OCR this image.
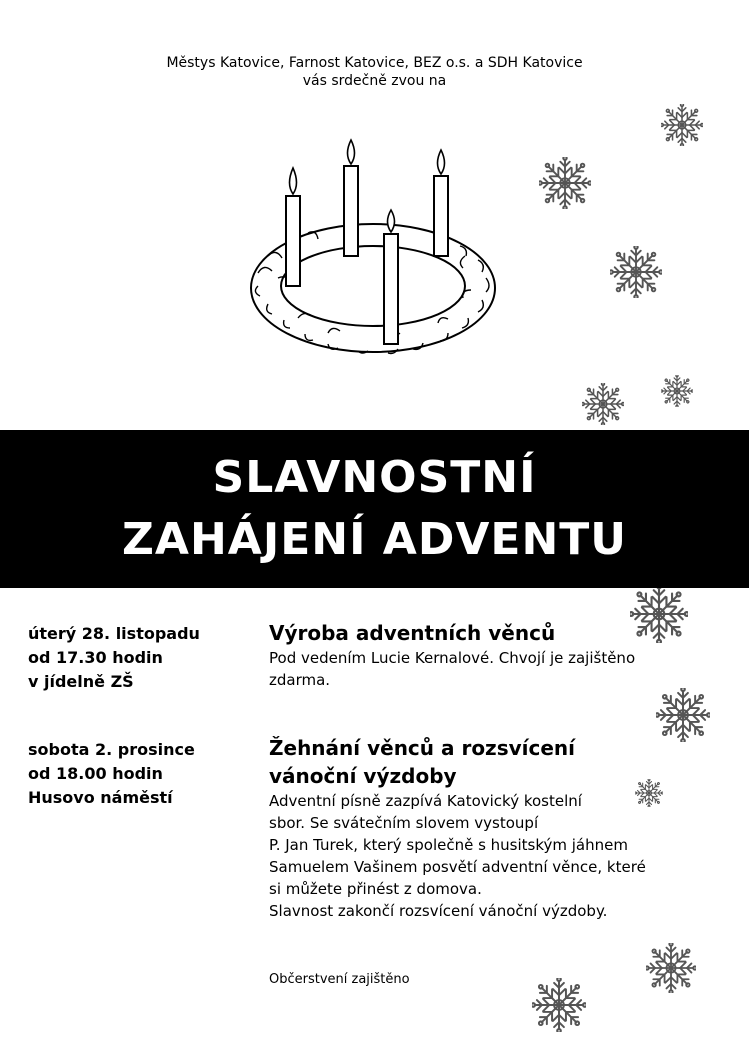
Městys Katovice, Farnost Katovice, BEZ o.s. a SDH Katovice
vás srdečně zvou na
SLAVNOSTNÍ
ZAHÁJENÍ ADVENTU
úterý 28. listopadu
od 17.30 hodin
v jídelně ZŠ

Výroba adventních věnců

Pod vedením Lucie Kernalové. Chvojí je zajištěno
zdarma.

sobota 2. prosince
od 18.00 hodin
Husovo náměstí

Žehnání věnců a rozsvícení
vánoční výzdoby

Adventní písně zazpívá Katovický kostelní
sbor. Se svátečním slovem vystoupí
P. Jan Turek, který společně s husitským jáhnem
Samuelem Vašinem posvětí adventní věnce, které
si můžete přinést z domova.
Slavnost zakončí rozsvícení vánoční výzdoby.

Občerstvení zajištěno
